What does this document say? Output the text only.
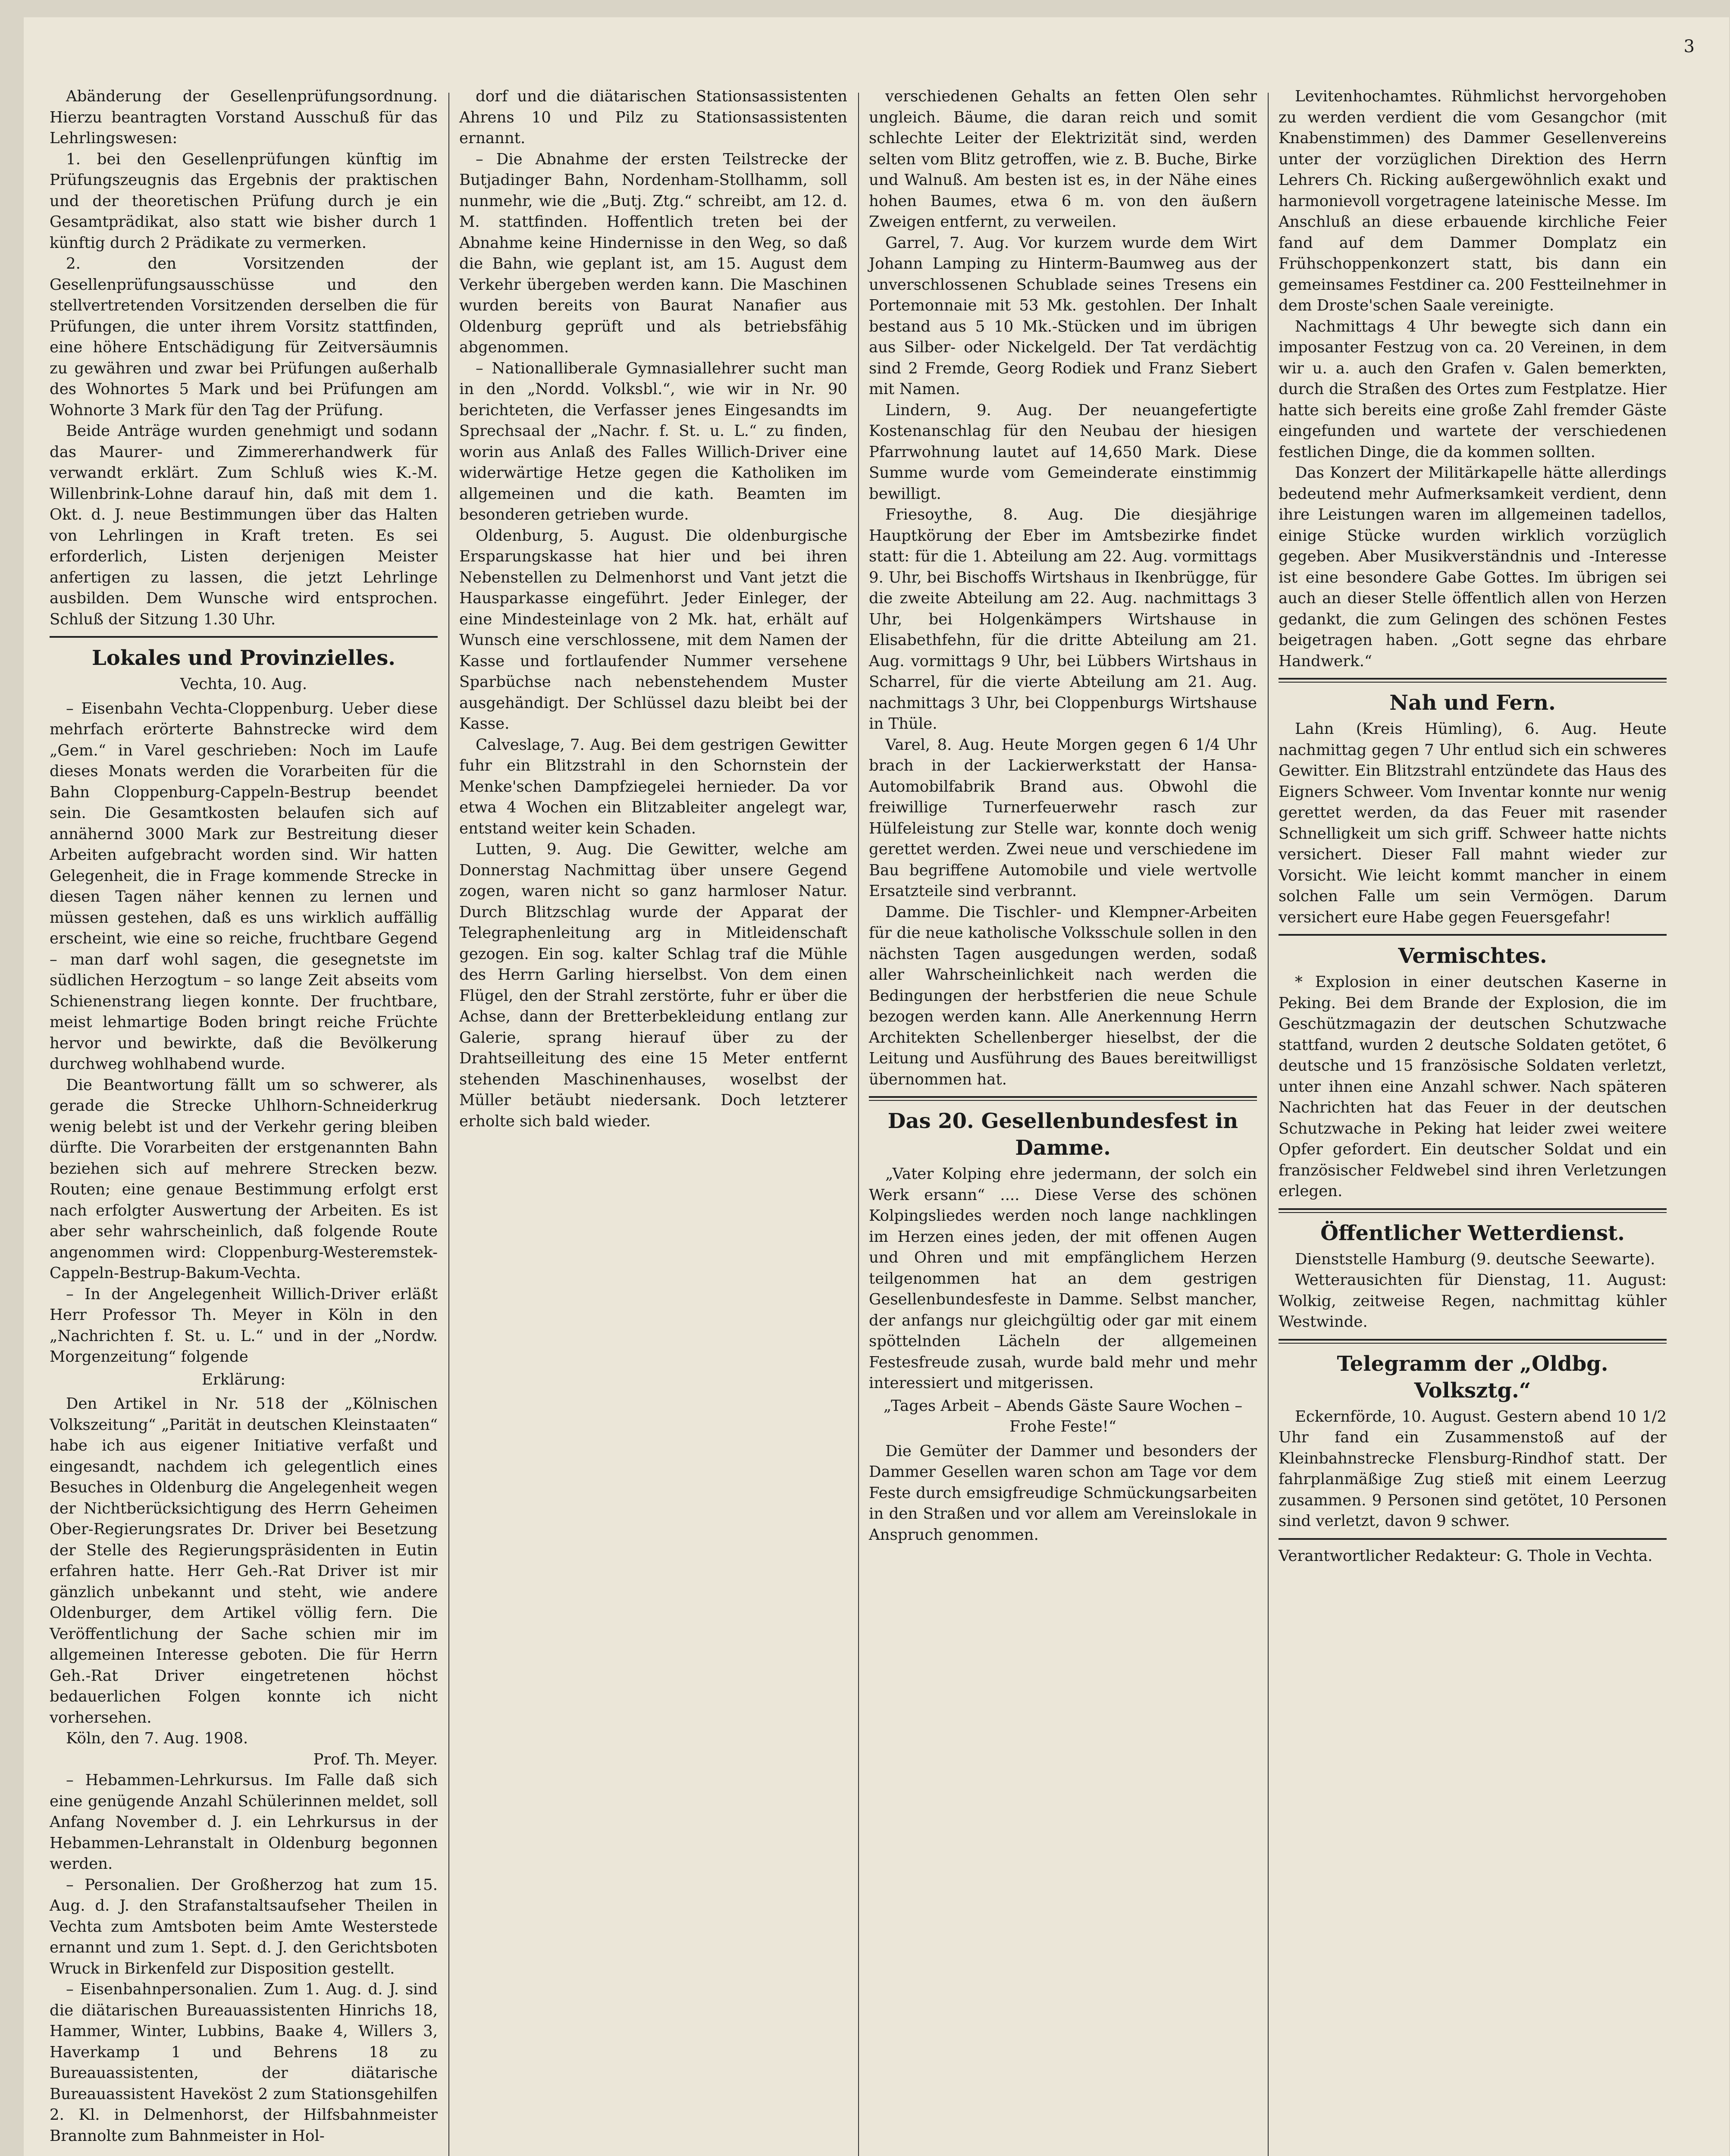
3

Abänderung der Gesellenprüfungsordnung. Hierzu beantragten Vorstand Ausschuß für das Lehrlingswesen:

1. bei den Gesellenprüfungen künftig im Prüfungszeugnis das Ergebnis der praktischen und der theoretischen Prüfung durch je ein Gesamtprädikat, also statt wie bisher durch 1 künftig durch 2 Prädikate zu vermerken.

2. den Vorsitzenden der Gesellenprüfungsausschüsse und den stellvertretenden Vorsitzenden derselben die für Prüfungen, die unter ihrem Vorsitz stattfinden, eine höhere Entschädigung für Zeitversäumnis zu gewähren und zwar bei Prüfungen außerhalb des Wohnortes 5 Mark und bei Prüfungen am Wohnorte 3 Mark für den Tag der Prüfung.

Beide Anträge wurden genehmigt und sodann das Maurer- und Zimmererhandwerk für verwandt erklärt. Zum Schluß wies K.-M. Willenbrink-Lohne darauf hin, daß mit dem 1. Okt. d. J. neue Bestimmungen über das Halten von Lehrlingen in Kraft treten. Es sei erforderlich, Listen derjenigen Meister anfertigen zu lassen, die jetzt Lehrlinge ausbilden. Dem Wunsche wird entsprochen. Schluß der Sitzung 1.30 Uhr.

Lokales und Provinzielles.
Vechta, 10. Aug.

– Eisenbahn Vechta-Cloppenburg. Ueber diese mehrfach erörterte Bahnstrecke wird dem „Gem.“ in Varel geschrieben: Noch im Laufe dieses Monats werden die Vorarbeiten für die Bahn Cloppenburg-Cappeln-Bestrup beendet sein. Die Gesamtkosten belaufen sich auf annähernd 3000 Mark zur Bestreitung dieser Arbeiten aufgebracht worden sind. Wir hatten Gelegenheit, die in Frage kommende Strecke in diesen Tagen näher kennen zu lernen und müssen gestehen, daß es uns wirklich auffällig erscheint, wie eine so reiche, fruchtbare Gegend – man darf wohl sagen, die gesegnetste im südlichen Herzogtum – so lange Zeit abseits vom Schienenstrang liegen konnte. Der fruchtbare, meist lehmartige Boden bringt reiche Früchte hervor und bewirkte, daß die Bevölkerung durchweg wohlhabend wurde.

Die Beantwortung fällt um so schwerer, als gerade die Strecke Uhlhorn-Schneiderkrug wenig belebt ist und der Verkehr gering bleiben dürfte. Die Vorarbeiten der erstgenannten Bahn beziehen sich auf mehrere Strecken bezw. Routen; eine genaue Bestimmung erfolgt erst nach erfolgter Auswertung der Arbeiten. Es ist aber sehr wahrscheinlich, daß folgende Route angenommen wird: Cloppenburg-Westeremstek-Cappeln-Bestrup-Bakum-Vechta.

– In der Angelegenheit Willich-Driver erläßt Herr Professor Th. Meyer in Köln in den „Nachrichten f. St. u. L.“ und in der „Nordw. Morgenzeitung“ folgende

Erklärung:

Den Artikel in Nr. 518 der „Kölnischen Volkszeitung“ „Parität in deutschen Kleinstaaten“ habe ich aus eigener Initiative verfaßt und eingesandt, nachdem ich gelegentlich eines Besuches in Oldenburg die Angelegenheit wegen der Nichtberücksichtigung des Herrn Geheimen Ober-Regierungsrates Dr. Driver bei Besetzung der Stelle des Regierungspräsidenten in Eutin erfahren hatte. Herr Geh.-Rat Driver ist mir gänzlich unbekannt und steht, wie andere Oldenburger, dem Artikel völlig fern. Die Veröffentlichung der Sache schien mir im allgemeinen Interesse geboten. Die für Herrn Geh.-Rat Driver eingetretenen höchst bedauerlichen Folgen konnte ich nicht vorhersehen.

Köln, den 7. Aug. 1908.

Prof. Th. Meyer.

– Hebammen-Lehrkursus. Im Falle daß sich eine genügende Anzahl Schülerinnen meldet, soll Anfang November d. J. ein Lehrkursus in der Hebammen-Lehranstalt in Oldenburg begonnen werden.

– Personalien. Der Großherzog hat zum 15. Aug. d. J. den Strafanstaltsaufseher Theilen in Vechta zum Amtsboten beim Amte Westerstede ernannt und zum 1. Sept. d. J. den Gerichtsboten Wruck in Birkenfeld zur Disposition gestellt.

– Eisenbahnpersonalien. Zum 1. Aug. d. J. sind die diätarischen Bureauassistenten Hinrichs 18, Hammer, Winter, Lubbins, Baake 4, Willers 3, Haverkamp 1 und Behrens 18 zu Bureauassistenten, der diätarische Bureauassistent Haveköst 2 zum Stationsgehilfen 2. Kl. in Delmenhorst, der Hilfsbahnmeister Brannolte zum Bahnmeister in Hol-

dorf und die diätarischen Stationsassistenten Ahrens 10 und Pilz zu Stationsassistenten ernannt.

– Die Abnahme der ersten Teilstrecke der Butjadinger Bahn, Nordenham-Stollhamm, soll nunmehr, wie die „Butj. Ztg.“ schreibt, am 12. d. M. stattfinden. Hoffentlich treten bei der Abnahme keine Hindernisse in den Weg, so daß die Bahn, wie geplant ist, am 15. August dem Verkehr übergeben werden kann. Die Maschinen wurden bereits von Baurat Nanafier aus Oldenburg geprüft und als betriebsfähig abgenommen.

– Nationalliberale Gymnasiallehrer sucht man in den „Nordd. Volksbl.“, wie wir in Nr. 90 berichteten, die Verfasser jenes Eingesandts im Sprechsaal der „Nachr. f. St. u. L.“ zu finden, worin aus Anlaß des Falles Willich-Driver eine widerwärtige Hetze gegen die Katholiken im allgemeinen und die kath. Beamten im besonderen getrieben wurde.

Oldenburg, 5. August. Die oldenburgische Ersparungskasse hat hier und bei ihren Nebenstellen zu Delmenhorst und Vant jetzt die Hausparkasse eingeführt. Jeder Einleger, der eine Mindesteinlage von 2 Mk. hat, erhält auf Wunsch eine verschlossene, mit dem Namen der Kasse und fortlaufender Nummer versehene Sparbüchse nach nebenstehendem Muster ausgehändigt. Der Schlüssel dazu bleibt bei der Kasse.

Calveslage, 7. Aug. Bei dem gestrigen Gewitter fuhr ein Blitzstrahl in den Schornstein der Menke'schen Dampfziegelei hernieder. Da vor etwa 4 Wochen ein Blitzableiter angelegt war, entstand weiter kein Schaden.

Lutten, 9. Aug. Die Gewitter, welche am Donnerstag Nachmittag über unsere Gegend zogen, waren nicht so ganz harmloser Natur. Durch Blitzschlag wurde der Apparat der Telegraphenleitung arg in Mitleidenschaft gezogen. Ein sog. kalter Schlag traf die Mühle des Herrn Garling hierselbst. Von dem einen Flügel, den der Strahl zerstörte, fuhr er über die Achse, dann der Bretterbekleidung entlang zur Galerie, sprang hierauf über zu der Drahtseilleitung des eine 15 Meter entfernt stehenden Maschinenhauses, woselbst der Müller betäubt niedersank. Doch letzterer erholte sich bald wieder.

verschiedenen Gehalts an fetten Olen sehr ungleich. Bäume, die daran reich und somit schlechte Leiter der Elektrizität sind, werden selten vom Blitz getroffen, wie z. B. Buche, Birke und Walnuß. Am besten ist es, in der Nähe eines hohen Baumes, etwa 6 m. von den äußern Zweigen entfernt, zu verweilen.

Garrel, 7. Aug. Vor kurzem wurde dem Wirt Johann Lamping zu Hinterm-Baumweg aus der unverschlossenen Schublade seines Tresens ein Portemonnaie mit 53 Mk. gestohlen. Der Inhalt bestand aus 5 10 Mk.-Stücken und im übrigen aus Silber- oder Nickelgeld. Der Tat verdächtig sind 2 Fremde, Georg Rodiek und Franz Siebert mit Namen.

Lindern, 9. Aug. Der neuangefertigte Kostenanschlag für den Neubau der hiesigen Pfarrwohnung lautet auf 14,650 Mark. Diese Summe wurde vom Gemeinderate einstimmig bewilligt.

Friesoythe, 8. Aug. Die diesjährige Hauptkörung der Eber im Amtsbezirke findet statt: für die 1. Abteilung am 22. Aug. vormittags 9. Uhr, bei Bischoffs Wirtshaus in Ikenbrügge, für die zweite Abteilung am 22. Aug. nachmittags 3 Uhr, bei Holgenkämpers Wirtshause in Elisabethfehn, für die dritte Abteilung am 21. Aug. vormittags 9 Uhr, bei Lübbers Wirtshaus in Scharrel, für die vierte Abteilung am 21. Aug. nachmittags 3 Uhr, bei Cloppenburgs Wirtshause in Thüle.

Varel, 8. Aug. Heute Morgen gegen 6 1/4 Uhr brach in der Lackierwerkstatt der Hansa-Automobilfabrik Brand aus. Obwohl die freiwillige Turnerfeuerwehr rasch zur Hülfeleistung zur Stelle war, konnte doch wenig gerettet werden. Zwei neue und verschiedene im Bau begriffene Automobile und viele wertvolle Ersatzteile sind verbrannt.

Damme. Die Tischler- und Klempner-Arbeiten für die neue katholische Volksschule sollen in den nächsten Tagen ausgedungen werden, sodaß aller Wahrscheinlichkeit nach werden die Bedingungen der herbstferien die neue Schule bezogen werden kann. Alle Anerkennung Herrn Architekten Schellenberger hieselbst, der die Leitung und Ausführung des Baues bereitwilligst übernommen hat.

Das 20. Gesellenbundesfest in Damme.

„Vater Kolping ehre jedermann, der solch ein Werk ersann“ .... Diese Verse des schönen Kolpingsliedes werden noch lange nachklingen im Herzen eines jeden, der mit offenen Augen und Ohren und mit empfänglichem Herzen teilgenommen hat an dem gestrigen Gesellenbundesfeste in Damme. Selbst mancher, der anfangs nur gleichgültig oder gar mit einem spöttelnden Lächeln der allgemeinen Festesfreude zusah, wurde bald mehr und mehr interessiert und mitgerissen.

„Tages Arbeit – Abends Gäste Saure Wochen – Frohe Feste!“

Die Gemüter der Dammer und besonders der Dammer Gesellen waren schon am Tage vor dem Feste durch emsigfreudige Schmückungsarbeiten in den Straßen und vor allem am Vereinslokale in Anspruch genommen.

Levitenhochamtes. Rühmlichst hervorgehoben zu werden verdient die vom Gesangchor (mit Knabenstimmen) des Dammer Gesellenvereins unter der vorzüglichen Direktion des Herrn Lehrers Ch. Ricking außergewöhnlich exakt und harmonievoll vorgetragene lateinische Messe. Im Anschluß an diese erbauende kirchliche Feier fand auf dem Dammer Domplatz ein Frühschoppenkonzert statt, bis dann ein gemeinsames Festdiner ca. 200 Festteilnehmer in dem Droste'schen Saale vereinigte.

Nachmittags 4 Uhr bewegte sich dann ein imposanter Festzug von ca. 20 Vereinen, in dem wir u. a. auch den Grafen v. Galen bemerkten, durch die Straßen des Ortes zum Festplatze. Hier hatte sich bereits eine große Zahl fremder Gäste eingefunden und wartete der verschiedenen festlichen Dinge, die da kommen sollten.

Das Konzert der Militärkapelle hätte allerdings bedeutend mehr Aufmerksamkeit verdient, denn ihre Leistungen waren im allgemeinen tadellos, einige Stücke wurden wirklich vorzüglich gegeben. Aber Musikverständnis und -Interesse ist eine besondere Gabe Gottes. Im übrigen sei auch an dieser Stelle öffentlich allen von Herzen gedankt, die zum Gelingen des schönen Festes beigetragen haben. „Gott segne das ehrbare Handwerk.“

Nah und Fern.

Lahn (Kreis Hümling), 6. Aug. Heute nachmittag gegen 7 Uhr entlud sich ein schweres Gewitter. Ein Blitzstrahl entzündete das Haus des Eigners Schweer. Vom Inventar konnte nur wenig gerettet werden, da das Feuer mit rasender Schnelligkeit um sich griff. Schweer hatte nichts versichert. Dieser Fall mahnt wieder zur Vorsicht. Wie leicht kommt mancher in einem solchen Falle um sein Vermögen. Darum versichert eure Habe gegen Feuersgefahr!

Vermischtes.

* Explosion in einer deutschen Kaserne in Peking. Bei dem Brande der Explosion, die im Geschützmagazin der deutschen Schutzwache stattfand, wurden 2 deutsche Soldaten getötet, 6 deutsche und 15 französische Soldaten verletzt, unter ihnen eine Anzahl schwer. Nach späteren Nachrichten hat das Feuer in der deutschen Schutzwache in Peking hat leider zwei weitere Opfer gefordert. Ein deutscher Soldat und ein französischer Feldwebel sind ihren Verletzungen erlegen.

Öffentlicher Wetterdienst.

Dienststelle Hamburg (9. deutsche Seewarte).

Wetterausichten für Dienstag, 11. August: Wolkig, zeitweise Regen, nachmittag kühler Westwinde.

Telegramm der „Oldbg. Volksztg.“

Eckernförde, 10. August. Gestern abend 10 1/2 Uhr fand ein Zusammenstoß auf der Kleinbahnstrecke Flensburg-Rindhof statt. Der fahrplanmäßige Zug stieß mit einem Leerzug zusammen. 9 Personen sind getötet, 10 Personen sind verletzt, davon 9 schwer.

Verantwortlicher Redakteur: G. Thole in Vechta.
